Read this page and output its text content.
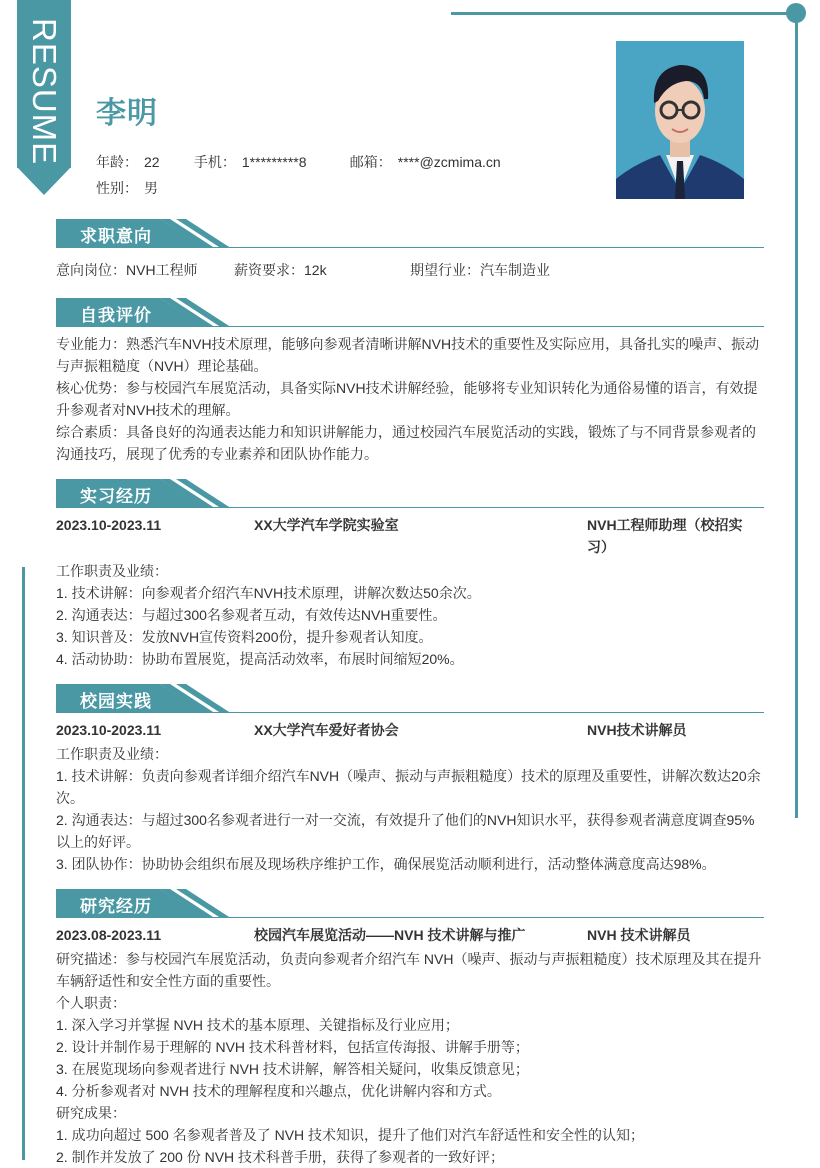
RESUME 李明
年龄： 22 手机： 1*********8	邮箱： ****@zcmima.cn
性别： 男
求职意向
意向岗位：NVH工程师	薪资要求：12k	期望行业：汽车制造业
自我评价

专业能力：熟悉汽车NVH技术原理，能够向参观者清晰讲解NVH技术的重要性及实际应用，具备扎实的噪声、振动与声振粗糙度（NVH）理论基础。

核心优势：参与校园汽车展览活动，具备实际NVH技术讲解经验，能够将专业知识转化为通俗易懂的语言，有效提升参观者对NVH技术的理解。

综合素质：具备良好的沟通表达能力和知识讲解能力，通过校园汽车展览活动的实践，锻炼了与不同背景参观者的沟通技巧，展现了优秀的专业素养和团队协作能力。

实习经历
2023.10-2023.11	XX大学汽车学院实验室	NVH工程师助理（校招实习）

工作职责及业绩：

1. 技术讲解：向参观者介绍汽车NVH技术原理，讲解次数达50余次。

2. 沟通表达：与超过300名参观者互动，有效传达NVH重要性。

3. 知识普及：发放NVH宣传资料200份，提升参观者认知度。

4. 活动协助：协助布置展览，提高活动效率，布展时间缩短20%。

校园实践
2023.10-2023.11	XX大学汽车爱好者协会	NVH技术讲解员

工作职责及业绩：

1. 技术讲解：负责向参观者详细介绍汽车NVH（噪声、振动与声振粗糙度）技术的原理及重要性，讲解次数达20余次。

2. 沟通表达：与超过300名参观者进行一对一交流，有效提升了他们的NVH知识水平，获得参观者满意度调查95%以上的好评。

3. 团队协作：协助协会组织布展及现场秩序维护工作，确保展览活动顺利进行，活动整体满意度高达98%。

研究经历
2023.08-2023.11	校园汽车展览活动——NVH 技术讲解与推广	NVH 技术讲解员

研究描述：参与校园汽车展览活动，负责向参观者介绍汽车 NVH（噪声、振动与声振粗糙度）技术原理及其在提升车辆舒适性和安全性方面的重要性。

个人职责：

1. 深入学习并掌握 NVH 技术的基本原理、关键指标及行业应用；

2. 设计并制作易于理解的 NVH 技术科普材料，包括宣传海报、讲解手册等；

3. 在展览现场向参观者进行 NVH 技术讲解，解答相关疑问，收集反馈意见；

4. 分析参观者对 NVH 技术的理解程度和兴趣点，优化讲解内容和方式。

研究成果：

1. 成功向超过 500 名参观者普及了 NVH 技术知识，提升了他们对汽车舒适性和安全性的认知；

2. 制作并发放了 200 份 NVH 技术科普手册，获得了参观者的一致好评；
